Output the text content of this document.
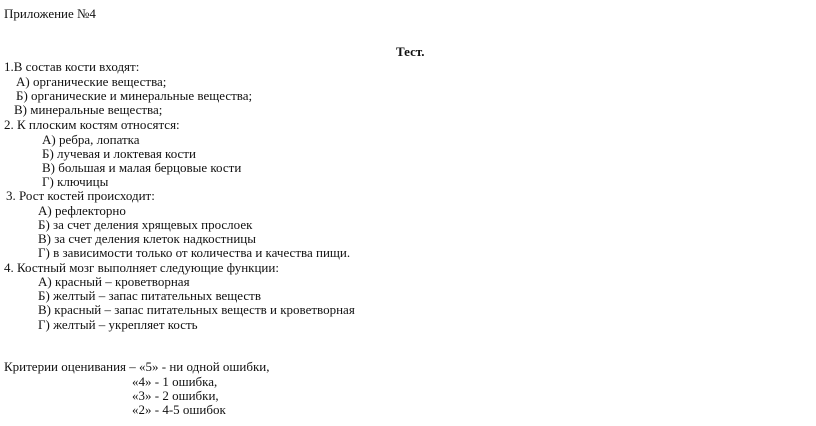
Приложение №4
Тест.
1.В состав кости входят:
А) органические вещества;
Б) органические и минеральные вещества;
В) минеральные вещества;
2. К плоским костям относятся:
А) ребра, лопатка
Б) лучевая и локтевая кости
В) большая и малая берцовые кости
Г) ключицы
3. Рост костей происходит:
А) рефлекторно
Б) за счет деления хрящевых прослоек
В) за счет деления клеток надкостницы
Г) в зависимости только от количества и качества пищи.
4. Костный мозг выполняет следующие функции:
А) красный – кроветворная
Б) желтый – запас питательных веществ
В) красный – запас питательных веществ и кроветворная
Г) желтый – укрепляет кость
Критерии оценивания – «5» - ни одной ошибки,
«4» - 1 ошибка,
«3» - 2 ошибки,
«2» - 4-5 ошибок
